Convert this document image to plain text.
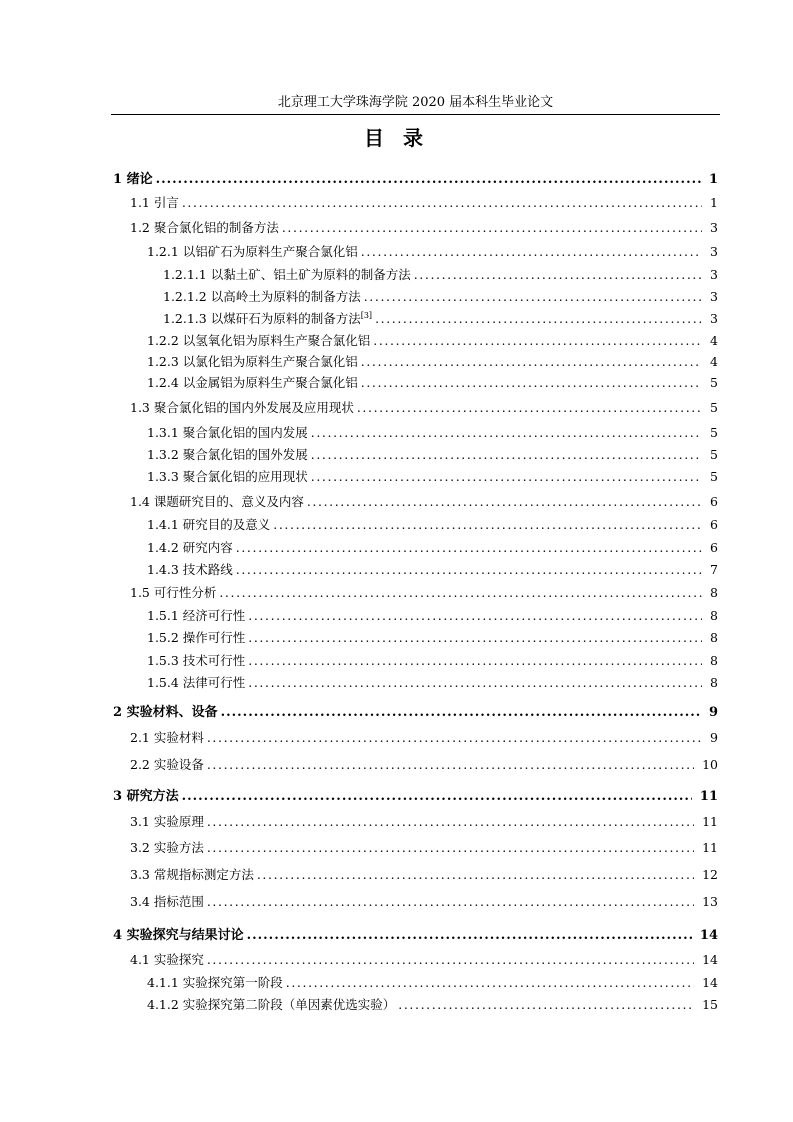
北京理工大学珠海学院 2020 届本科生毕业论文
目 录
1 绪论 .....	1
1.1 引言 .....	1
1.2 聚合氯化铝的制备方法 .....	3
1.2.1 以铝矿石为原料生产聚合氯化铝 .....	3
1.2.1.1 以黏土矿、铝土矿为原料的制备方法 .....	3
1.2.1.2 以高岭土为原料的制备方法 .....	3
1.2.1.3 以煤矸石为原料的制备方法[3] .....	3
1.2.2 以氢氧化铝为原料生产聚合氯化铝 .....	4
1.2.3 以氯化铝为原料生产聚合氯化铝 .....	4
1.2.4 以金属铝为原料生产聚合氯化铝 .....	5
1.3 聚合氯化铝的国内外发展及应用现状 .....	5
1.3.1 聚合氯化铝的国内发展 .....	5
1.3.2 聚合氯化铝的国外发展 .....	5
1.3.3 聚合氯化铝的应用现状 .....	5
1.4 课题研究目的、意义及内容 .....	6
1.4.1 研究目的及意义 .....	6
1.4.2 研究内容 .....	6
1.4.3 技术路线 .....	7
1.5 可行性分析 .....	8
1.5.1 经济可行性 .....	8
1.5.2 操作可行性 .....	8
1.5.3 技术可行性 .....	8
1.5.4 法律可行性 .....	8
2 实验材料、设备 .....	9
2.1 实验材料 .....	9
2.2 实验设备 .....	10
3 研究方法 .....	11
3.1 实验原理 .....	11
3.2 实验方法 .....	11
3.3 常规指标测定方法 .....	12
3.4 指标范围 .....	13
4 实验探究与结果讨论 .....	14
4.1 实验探究 .....	14
4.1.1 实验探究第一阶段 .....	14
4.1.2 实验探究第二阶段（单因素优选实验） .....	15
